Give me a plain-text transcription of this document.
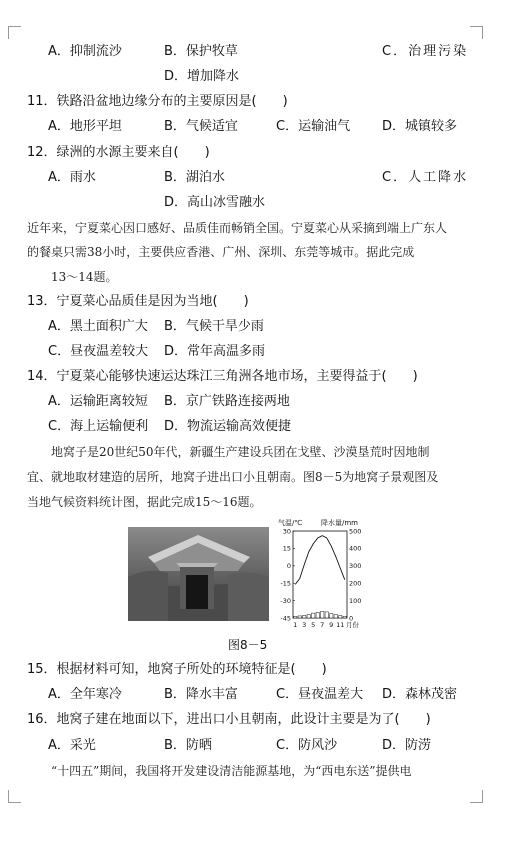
A．抑制流沙	B．保护牧草	C．治理污染
D．增加降水
11．铁路沿盆地边缘分布的主要原因是(　　)
A．地形平坦	B．气候适宜	C．运输油气 D．城镇较多
12．绿洲的水源主要来自(　　)
A．雨水	B．湖泊水	C．人工降水
D．高山冰雪融水
近年来，宁夏菜心因口感好、品质佳而畅销全国。宁夏菜心从采摘到端上广东人
的餐桌只需38小时，主要供应香港、广州、深圳、东莞等城市。据此完成
13～14题。
13．宁夏菜心品质佳是因为当地(　　)
A．黑土面积广大 B．气候干旱少雨
C．昼夜温差较大 D．常年高温多雨
14．宁夏菜心能够快速运达珠江三角洲各地市场，主要得益于(　　)
A．运输距离较短 B．京广铁路连接两地
C．海上运输便利 D．物流运输高效便捷
地窝子是20世纪50年代，新疆生产建设兵团在戈壁、沙漠垦荒时因地制
宜、就地取材建造的居所，地窝子进出口小且朝南。图8－5为地窝子景观图及
当地气候资料统计图，据此完成15～16题。
气温/℃	降水量/mm
30
15
0
-15
-30
-45
500
400
300
200
100
0
1 3 5 7 9 11 月份
图8－5
15．根据材料可知，地窝子所处的环境特征是(　　)
A．全年寒冷	B．降水丰富	C．昼夜温差大 D．森林茂密
16．地窝子建在地面以下，进出口小且朝南，此设计主要是为了(　　)
A．采光	B．防晒	C．防风沙	D．防涝
“十四五”期间，我国将开发建设清洁能源基地，为“西电东送”提供电
